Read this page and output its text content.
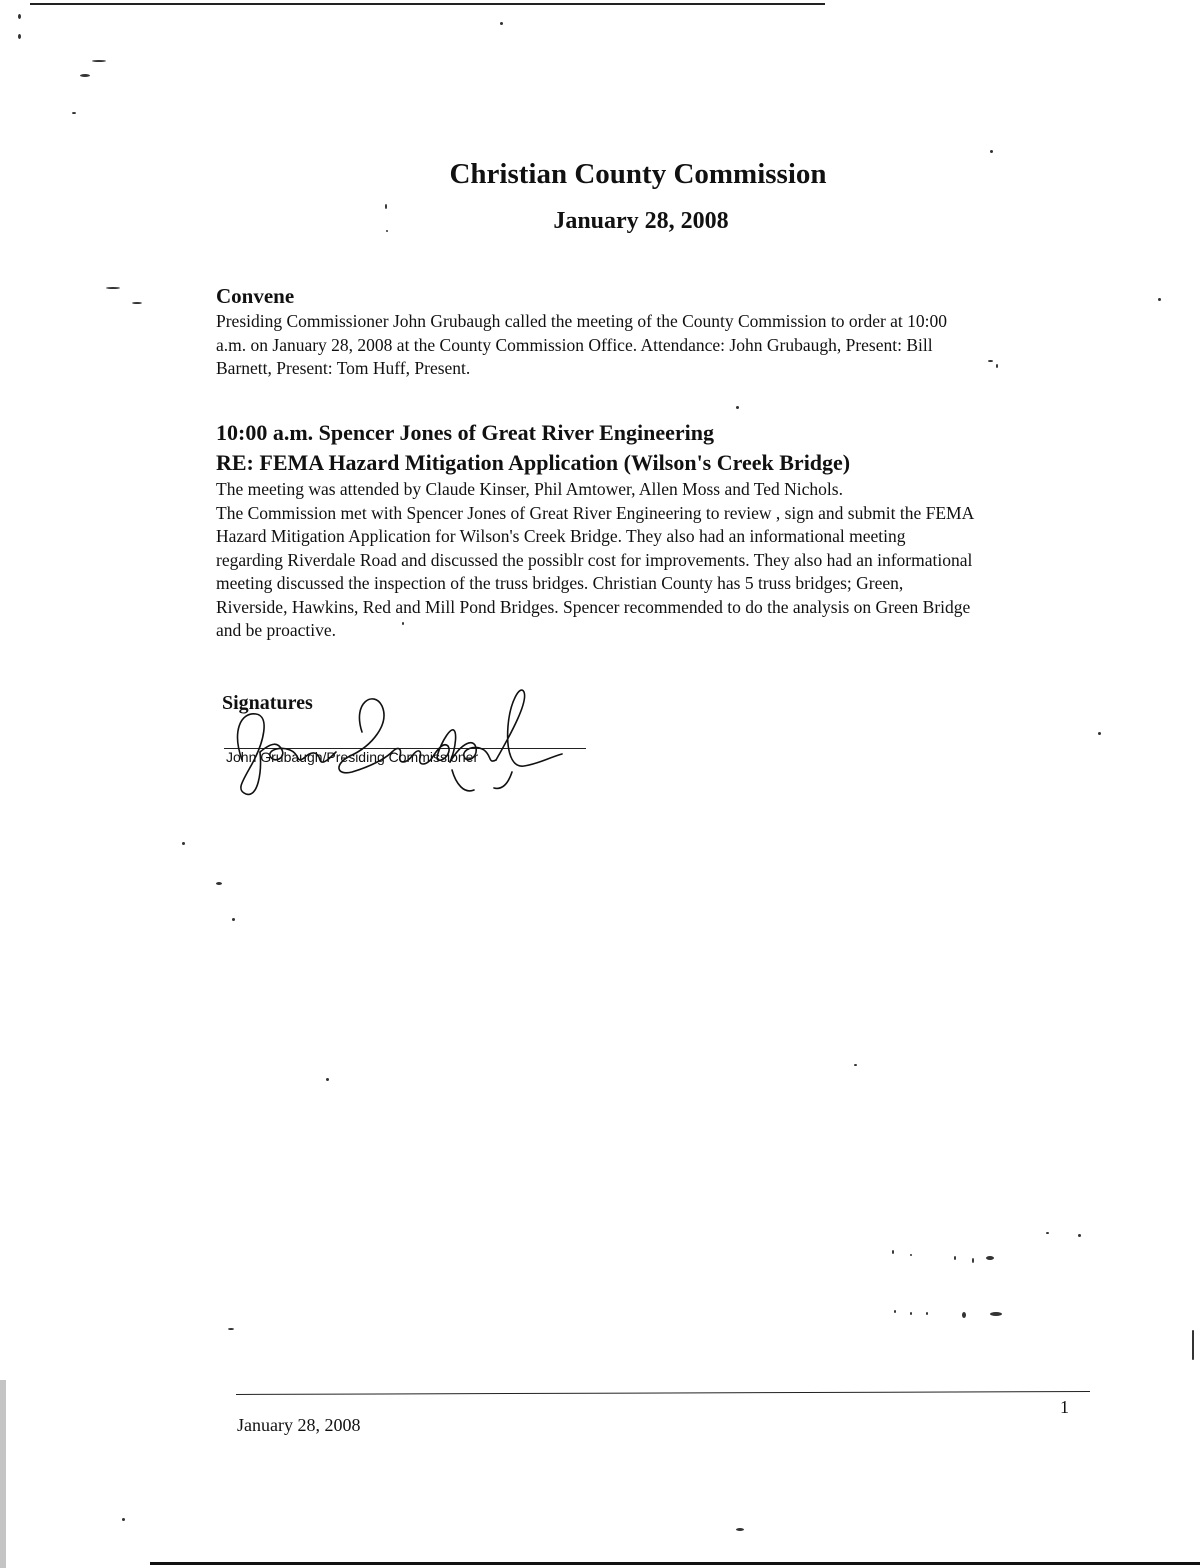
Christian County Commission
January 28, 2008
Convene

Presiding Commissioner John Grubaugh called the meeting of the County Commission to order at 10:00

a.m. on January 28, 2008 at the County Commission Office. Attendance: John Grubaugh, Present: Bill

Barnett, Present: Tom Huff, Present.

10:00 a.m. Spencer Jones of Great River Engineering
RE: FEMA Hazard Mitigation Application (Wilson's Creek Bridge)

The meeting was attended by Claude Kinser, Phil Amtower, Allen Moss and Ted Nichols.

The Commission met with Spencer Jones of Great River Engineering to review , sign and submit the FEMA

Hazard Mitigation Application for Wilson's Creek Bridge. They also had an informational meeting

regarding Riverdale Road and discussed the possiblr cost for improvements. They also had an informational

meeting discussed the inspection of the truss bridges. Christian County has 5 truss bridges; Green,

Riverside, Hawkins, Red and Mill Pond Bridges. Spencer recommended to do the analysis on Green Bridge

and be proactive.

Signatures

John Grubaugh/Presiding Commissioner

1

January 28, 2008
